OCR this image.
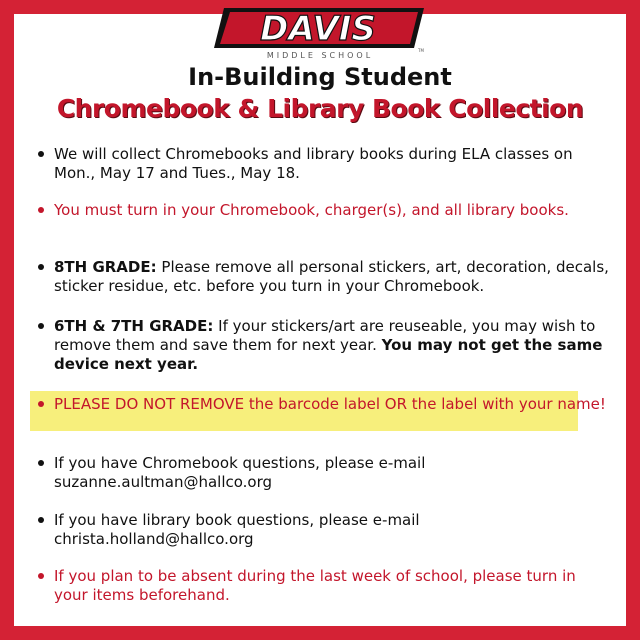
DAVIS
MIDDLE SCHOOL
TM
In-Building Student
Chromebook & Library Book Collection
We will collect Chromebooks and library books during ELA classes on Mon., May 17 and Tues., May 18.
You must turn in your Chromebook, charger(s), and all library books.
8TH GRADE: Please remove all personal stickers, art, decoration, decals, sticker residue, etc. before you turn in your Chromebook.
6TH & 7TH GRADE: If your stickers/art are reuseable, you may wish to remove them and save them for next year. You may not get the same device next year.
PLEASE DO NOT REMOVE the barcode label OR the label with your name!
If you have Chromebook questions, please e-mail suzanne.aultman@hallco.org
If you have library book questions, please e-mail christa.holland@hallco.org
If you plan to be absent during the last week of school, please turn in your items beforehand.
